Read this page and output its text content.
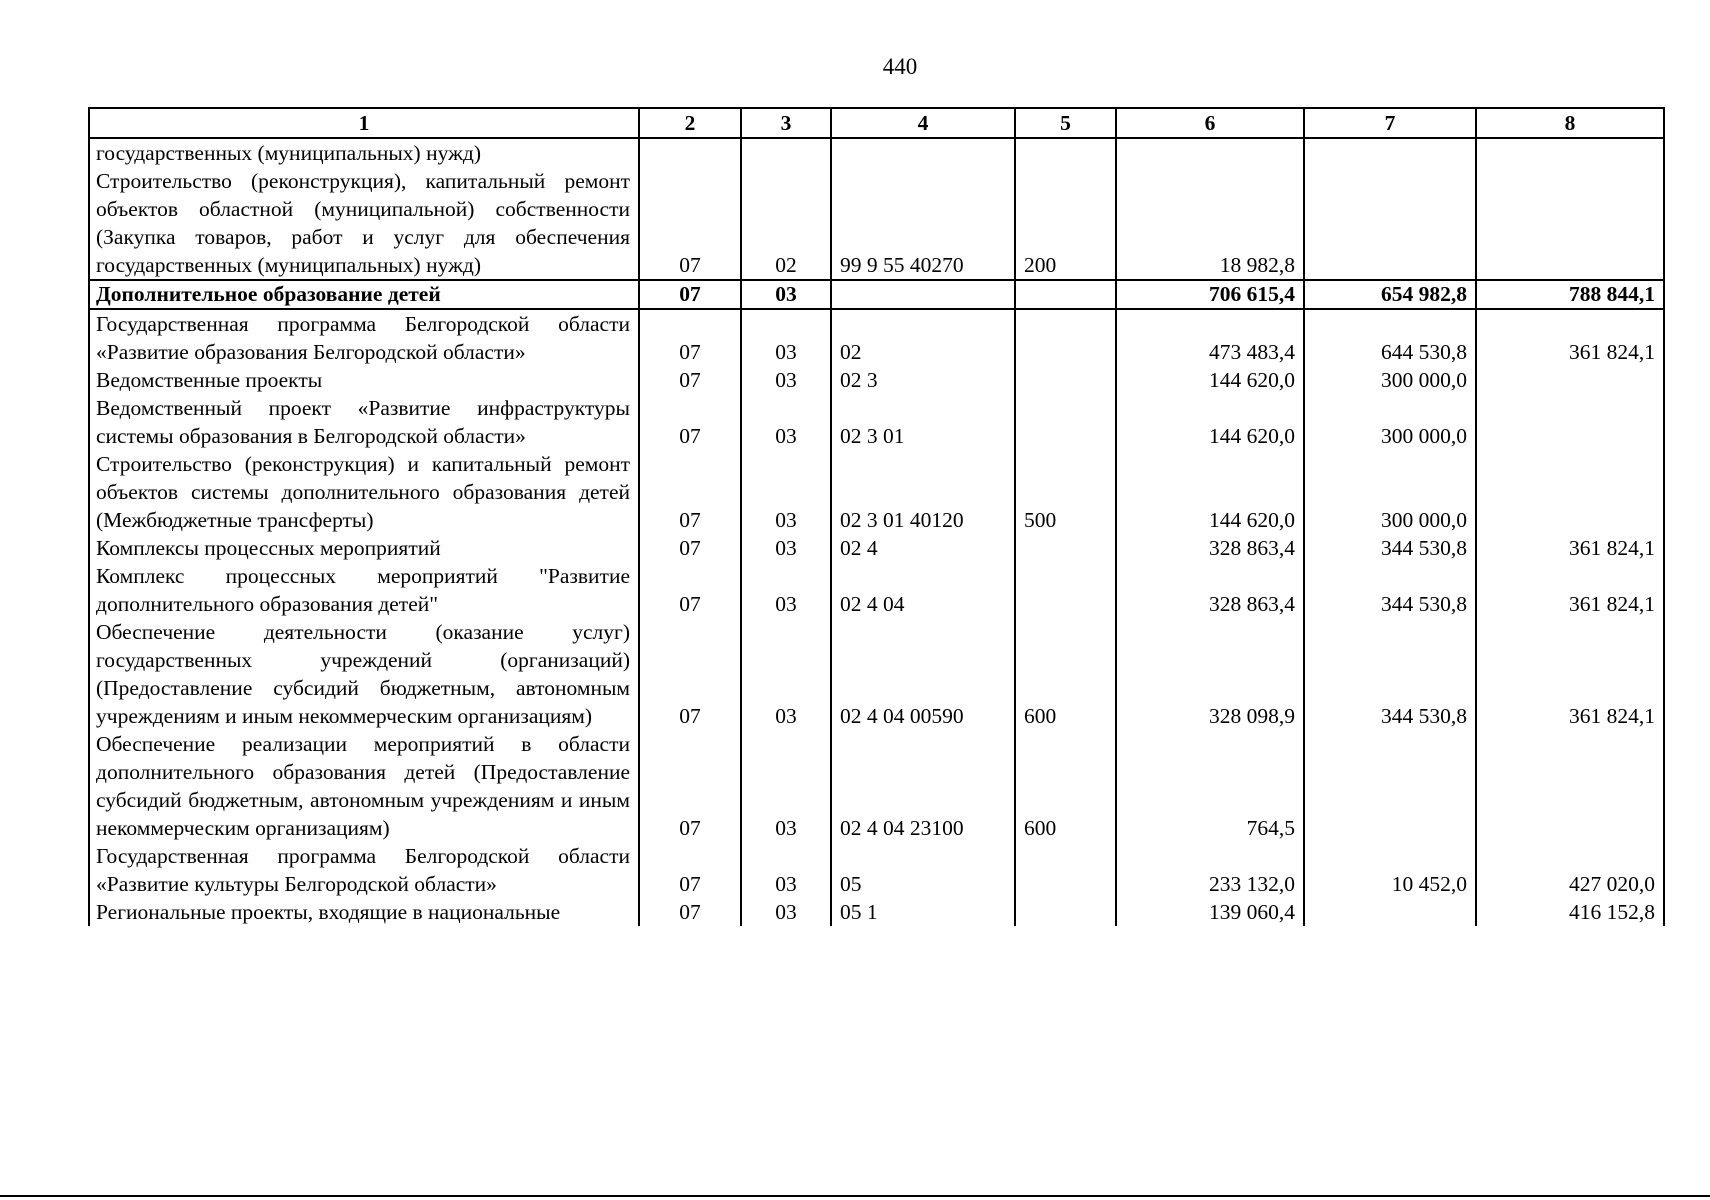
440
1	2	3	4	5	6	7	8
государственных (муниципальных) нужд)							
Строительство (реконструкция), капитальный ремонт объектов областной (муниципальной) собственности (Закупка товаров, работ и услуг для обеспечения государственных (муниципальных) нужд)	07	02	99 9 55 40270	200	18 982,8		
Дополнительное образование детей	07	03			706 615,4	654 982,8	788 844,1
Государственная программа Белгородской области «Развитие образования Белгородской области»	07	03	02		473 483,4	644 530,8	361 824,1
Ведомственные проекты	07	03	02 3		144 620,0	300 000,0	
Ведомственный проект «Развитие инфраструктуры системы образования в Белгородской области»	07	03	02 3 01		144 620,0	300 000,0	
Строительство (реконструкция) и капитальный ремонт объектов системы дополнительного образования детей (Межбюджетные трансферты)	07	03	02 3 01 40120	500	144 620,0	300 000,0	
Комплексы процессных мероприятий	07	03	02 4		328 863,4	344 530,8	361 824,1
Комплекс процессных мероприятий "Развитие дополнительного образования детей"	07	03	02 4 04		328 863,4	344 530,8	361 824,1
Обеспечение деятельности (оказание услуг) государственных учреждений (организаций) (Предоставление субсидий бюджетным, автономным учреждениям и иным некоммерческим организациям)	07	03	02 4 04 00590	600	328 098,9	344 530,8	361 824,1
Обеспечение реализации мероприятий в области дополнительного образования детей (Предоставление субсидий бюджетным, автономным учреждениям и иным некоммерческим организациям)	07	03	02 4 04 23100	600	764,5		
Государственная программа Белгородской области «Развитие культуры Белгородской области»	07	03	05		233 132,0	10 452,0	427 020,0
Региональные проекты, входящие в национальные	07	03	05 1		139 060,4		416 152,8
